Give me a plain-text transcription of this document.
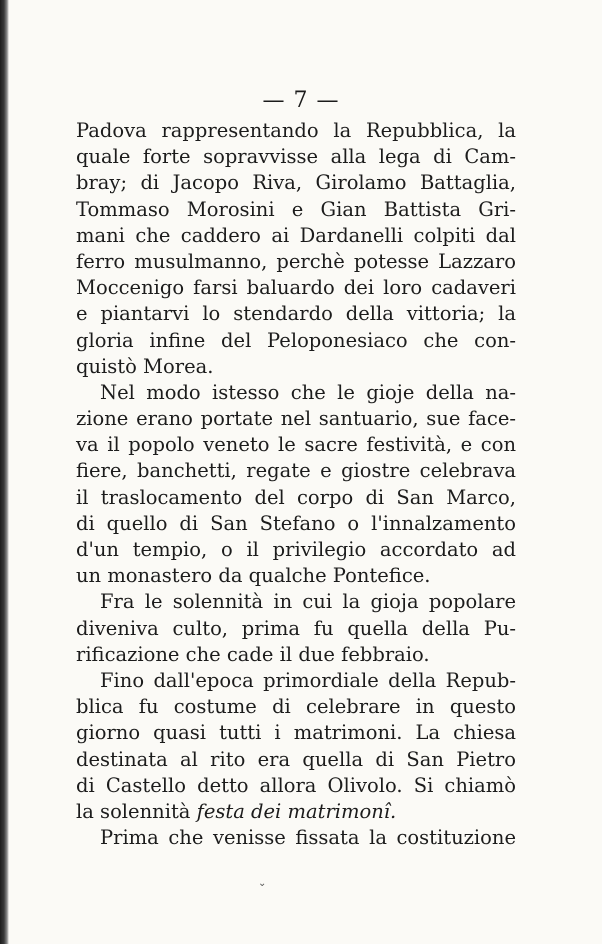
— 7 —
Padova rappresentando la Repubblica, la
quale forte sopravvisse alla lega di Cam-
bray; di Jacopo Riva, Girolamo Battaglia,
Tommaso Morosini e Gian Battista Gri-
mani che caddero ai Dardanelli colpiti dal
ferro musulmanno, perchè potesse Lazzaro
Moccenigo farsi baluardo dei loro cadaveri
e piantarvi lo stendardo della vittoria; la
gloria infine del Peloponesiaco che con-
quistò Morea.
Nel modo istesso che le gioje della na-
zione erano portate nel santuario, sue face-
va il popolo veneto le sacre festività, e con
fiere, banchetti, regate e giostre celebrava
il traslocamento del corpo di San Marco,
di quello di San Stefano o l'innalzamento
d'un tempio, o il privilegio accordato ad
un monastero da qualche Pontefice.
Fra le solennità in cui la gioja popolare
diveniva culto, prima fu quella della Pu-
rificazione che cade il due febbraio.
Fino dall'epoca primordiale della Repub-
blica fu costume di celebrare in questo
giorno quasi tutti i matrimoni. La chiesa
destinata al rito era quella di San Pietro
di Castello detto allora Olivolo. Si chiamò
la solennità festa dei matrimonî.
Prima che venisse fissata la costituzione
⌄
